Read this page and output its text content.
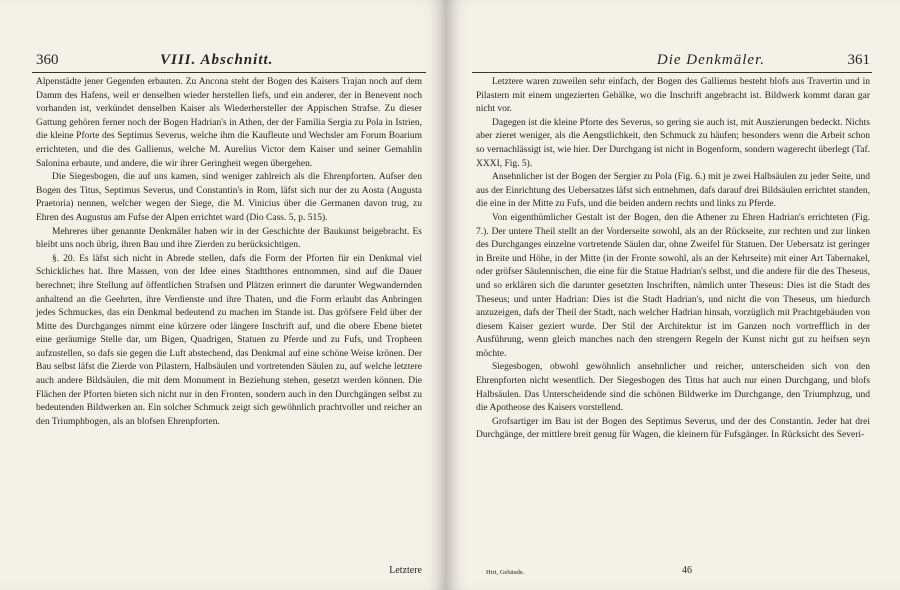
360	VIII. Abschnitt.

Alpenstädte jener Gegenden erbauten. Zu Ancona steht der Bogen des Kaisers Trajan noch auf dem Damm des Hafens, weil er denselben wieder herstellen liefs, und ein anderer, der in Benevent noch vorhanden ist, verkündet denselben Kaiser als Wiederhersteller der Appischen Strafse. Zu dieser Gattung gehören ferner noch der Bogen Hadrian's in Athen, der der Familia Sergia zu Pola in Istrien, die kleine Pforte des Septimus Severus, welche ihm die Kaufleute und Wechsler am Forum Boarium errichteten, und die des Gallienus, welche M. Aurelius Victor dem Kaiser und seiner Gemahlin Salonina erbaute, und andere, die wir ihrer Geringheit wegen übergehen.

Die Siegesbogen, die auf uns kamen, sind weniger zahlreich als die Ehrenpforten. Aufser den Bogen des Titus, Septimus Severus, und Constantin's in Rom, läfst sich nur der zu Aosta (Augusta Praetoria) nennen, welcher wegen der Siege, die M. Vinicius über die Germanen davon trug, zu Ehren des Augustus am Fufse der Alpen errichtet ward (Dio Cass. 5, p. 515).

Mehreres über genannte Denkmäler haben wir in der Geschichte der Baukunst beigebracht. Es bleibt uns noch übrig, ihren Bau und ihre Zierden zu berücksichtigen.

§. 20. Es läfst sich nicht in Abrede stellen, dafs die Form der Pforten für ein Denkmal viel Schickliches hat. Ihre Massen, von der Idee eines Stadtthores entnommen, sind auf die Dauer berechnet; ihre Stellung auf öffentlichen Strafsen und Plätzen erinnert die darunter Wegwandernden anhaltend an die Geehrten, ihre Verdienste und ihre Thaten, und die Form erlaubt das Anbringen jedes Schmuckes, das ein Denkmal bedeutend zu machen im Stande ist. Das gröfsere Feld über der Mitte des Durchganges nimmt eine kürzere oder längere Inschrift auf, und die obere Ebene bietet eine geräumige Stelle dar, um Bigen, Quadrigen, Statuen zu Pferde und zu Fufs, und Tropheen aufzustellen, so dafs sie gegen die Luft abstechend, das Denkmal auf eine schöne Weise krönen. Der Bau selbst läfst die Zierde von Pilastern, Halbsäulen und vortretenden Säulen zu, auf welche letztere auch andere Bildsäulen, die mit dem Monument in Beziehung stehen, gesetzt werden können. Die Flächen der Pforten bieten sich nicht nur in den Fronten, sondern auch in den Durchgängen selbst zu bedeutenden Bildwerken an. Ein solcher Schmuck zeigt sich gewöhnlich prachtvoller und reicher an den Triumphbogen, als an blofsen Ehrenpforten.

Letztere
Die Denkmäler.	361

Letztere waren zuweilen sehr einfach, der Bogen des Gallienus besteht blofs aus Travertin und in Pilastern mit einem ungezierten Gebälke, wo die Inschrift angebracht ist. Bildwerk kommt daran gar nicht vor.

Dagegen ist die kleine Pforte des Severus, so gering sie auch ist, mit Auszierungen bedeckt. Nichts aber zieret weniger, als die Aengstlichkeit, den Schmuck zu häufen; besonders wenn die Arbeit schon so vernachlässigt ist, wie hier. Der Durchgang ist nicht in Bogenform, sondern wagerecht überlegt (Taf. XXXI, Fig. 5).

Ansehnlicher ist der Bogen der Sergier zu Pola (Fig. 6.) mit je zwei Halbsäulen zu jeder Seite, und aus der Einrichtung des Uebersatzes läfst sich entnehmen, dafs darauf drei Bildsäulen errichtet standen, die eine in der Mitte zu Fufs, und die beiden andern rechts und links zu Pferde.

Von eigenthümlicher Gestalt ist der Bogen, den die Athener zu Ehren Hadrian's errichteten (Fig. 7.). Der untere Theil stellt an der Vorderseite sowohl, als an der Rückseite, zur rechten und zur linken des Durchganges einzelne vortretende Säulen dar, ohne Zweifel für Statuen. Der Uebersatz ist geringer in Breite und Höhe, in der Mitte (in der Fronte sowohl, als an der Kehrseite) mit einer Art Tabernakel, oder gröfser Säulennischen, die eine für die Statue Hadrian's selbst, und die andere für die des Theseus, und so erklären sich die darunter gesetzten Inschriften, nämlich unter Theseus: Dies ist die Stadt des Theseus; und unter Hadrian: Dies ist die Stadt Hadrian's, und nicht die von Theseus, um hiedurch anzuzeigen, dafs der Theil der Stadt, nach welcher Hadrian hinsah, vorzüglich mit Prachtgebäuden von diesem Kaiser geziert wurde. Der Stil der Architektur ist im Ganzen noch vortrefflich in der Ausführung, wenn gleich manches nach den strengern Regeln der Kunst nicht gut zu heifsen seyn möchte.

Siegesbogen, obwohl gewöhnlich ansehnlicher und reicher, unterscheiden sich von den Ehrenpforten nicht wesentlich. Der Siegesbogen des Titus hat auch nur einen Durchgang, und blofs Halbsäulen. Das Unterscheidende sind die schönen Bildwerke im Durchgange, den Triumphzug, und die Apotheose des Kaisers vorstellend.

Grofsartiger im Bau ist der Bogen des Septimus Severus, und der des Constantin. Jeder hat drei Durchgänge, der mittlere breit genug für Wagen, die kleinern für Fufsgänger. In Rücksicht des Severi-

Hirt, Gebäude.	46
